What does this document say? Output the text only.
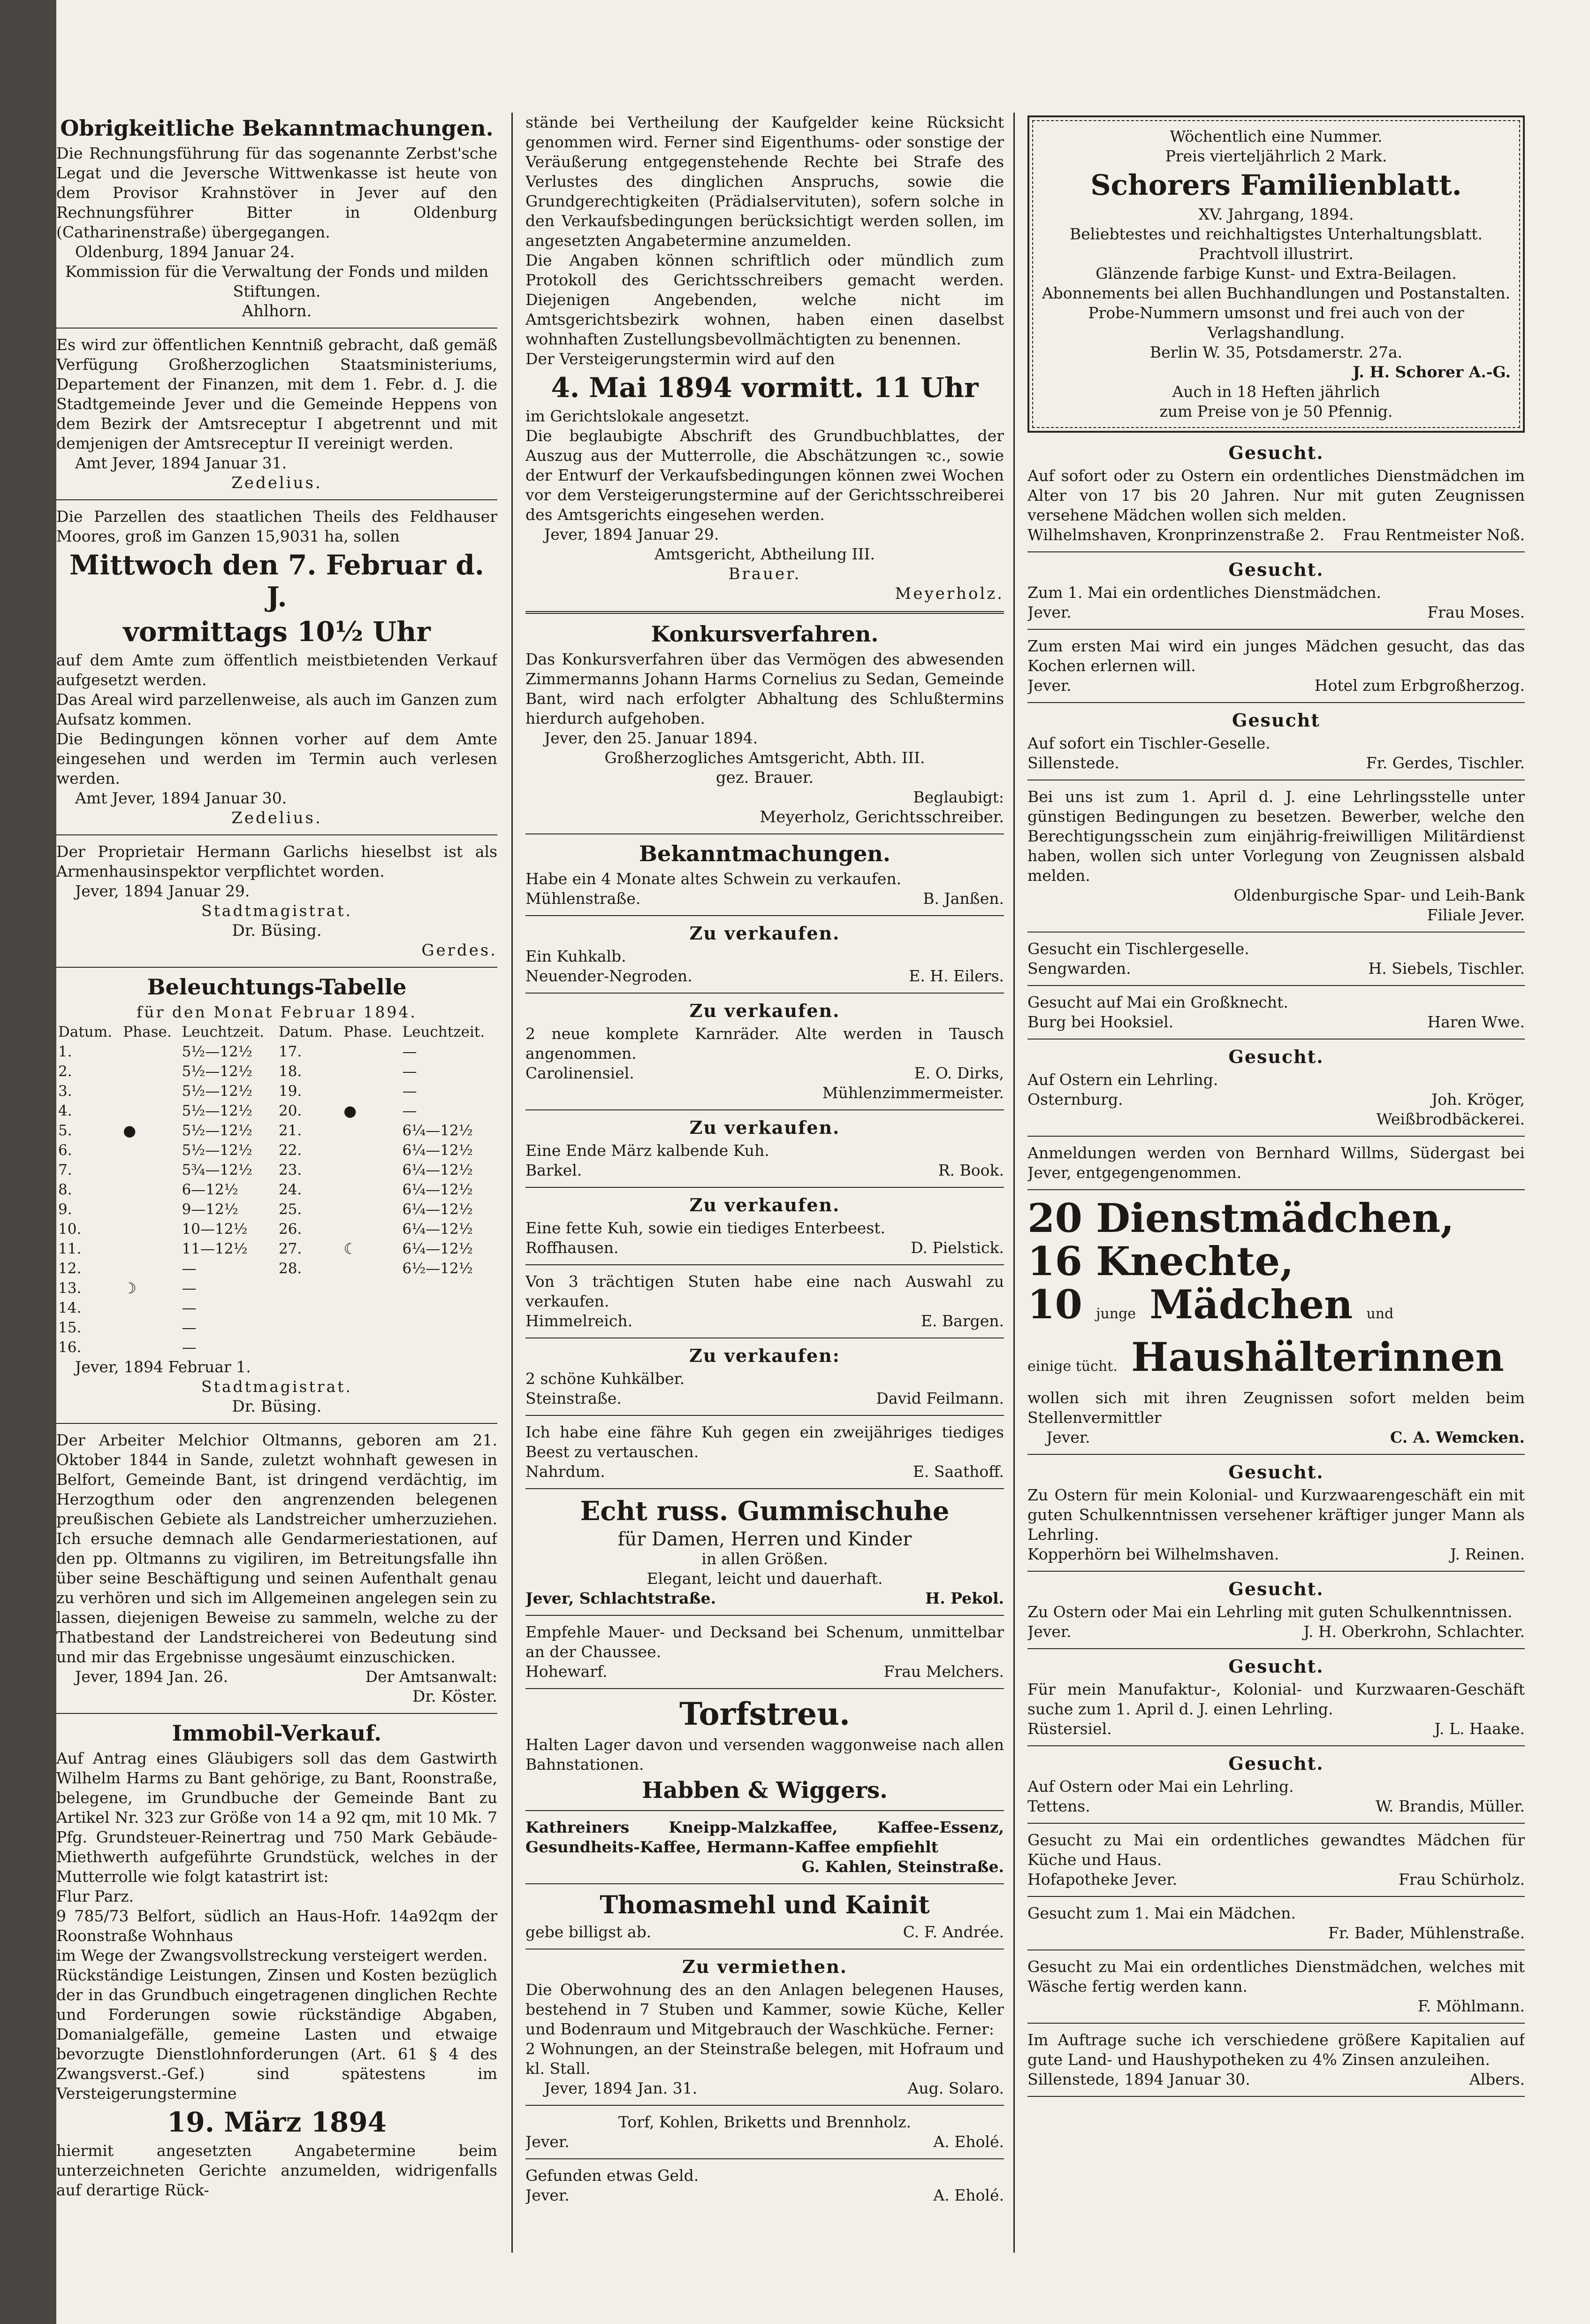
Obrigkeitliche Bekanntmachungen.

Die Rechnungsführung für das sogenannte Zerbst'sche Legat und die Jeversche Wittwenkasse ist heute von dem Provisor Krahnstöver in Jever auf den Rechnungsführer Bitter in Oldenburg (Catharinenstraße) übergegangen.

Oldenburg, 1894 Januar 24.

Kommission für die Verwaltung der Fonds und milden Stiftungen.

Ahlhorn.

Es wird zur öffentlichen Kenntniß gebracht, daß gemäß Verfügung Großherzoglichen Staatsministeriums, Departement der Finanzen, mit dem 1. Febr. d. J. die Stadtgemeinde Jever und die Gemeinde Heppens von dem Bezirk der Amtsreceptur I abgetrennt und mit demjenigen der Amtsreceptur II vereinigt werden.

Amt Jever, 1894 Januar 31.

Zedelius.

Die Parzellen des staatlichen Theils des Feldhauser Moores, groß im Ganzen 15,9031 ha, sollen

Mittwoch den 7. Februar d. J.
vormittags 10½ Uhr

auf dem Amte zum öffentlich meistbietenden Verkauf aufgesetzt werden.
Das Areal wird parzellenweise, als auch im Ganzen zum Aufsatz kommen.
Die Bedingungen können vorher auf dem Amte eingesehen und werden im Termin auch verlesen werden.

Amt Jever, 1894 Januar 30.

Zedelius.

Der Proprietair Hermann Garlichs hieselbst ist als Armenhausinspektor verpflichtet worden.

Jever, 1894 Januar 29.

Stadtmagistrat.

Dr. Büsing.

Gerdes.

Beleuchtungs-Tabelle

für den Monat Februar 1894.

Datum.	Phase.	Leuchtzeit.	Datum.	Phase.	Leuchtzeit.
1.		5½—12½	17.		—
2.		5½—12½	18.		—
3.		5½—12½	19.		—
4.		5½—12½	20.	●	—
5.	●	5½—12½	21.		6¼—12½
6.		5½—12½	22.		6¼—12½
7.		5¾—12½	23.		6¼—12½
8.		6—12½	24.		6¼—12½
9.		9—12½	25.		6¼—12½
10.		10—12½	26.		6¼—12½
11.		11—12½	27.	☾	6¼—12½
12.		—	28.		6½—12½
13.	☽	—			
14.		—			
15.		—			
16.		—			

Jever, 1894 Februar 1.

Stadtmagistrat.

Dr. Büsing.

Der Arbeiter Melchior Oltmanns, geboren am 21. Oktober 1844 in Sande, zuletzt wohnhaft gewesen in Belfort, Gemeinde Bant, ist dringend verdächtig, im Herzogthum oder den angrenzenden belegenen preußischen Gebiete als Landstreicher umherzuziehen. Ich ersuche demnach alle Gendarmeriestationen, auf den pp. Oltmanns zu vigiliren, im Betreitungsfalle ihn über seine Beschäftigung und seinen Aufenthalt genau zu verhören und sich im Allgemeinen angelegen sein zu lassen, diejenigen Beweise zu sammeln, welche zu der Thatbestand der Landstreicherei von Bedeutung sind und mir das Ergebnisse ungesäumt einzuschicken.

Jever, 1894 Jan. 26.	Der Amtsanwalt:

Dr. Köster.

Immobil-Verkauf.

Auf Antrag eines Gläubigers soll das dem Gastwirth Wilhelm Harms zu Bant gehörige, zu Bant, Roonstraße, belegene, im Grundbuche der Gemeinde Bant zu Artikel Nr. 323 zur Größe von 14 a 92 qm, mit 10 Mk. 7 Pfg. Grundsteuer-Reinertrag und 750 Mark Gebäude-Miethwerth aufgeführte Grundstück, welches in der Mutterrolle wie folgt katastrirt ist:

Flur Parz.

9 785/73 Belfort, südlich an Haus-Hofr. 14a92qm der Roonstraße Wohnhaus

im Wege der Zwangsvollstreckung versteigert werden.
Rückständige Leistungen, Zinsen und Kosten bezüglich der in das Grundbuch eingetragenen dinglichen Rechte und Forderungen sowie rückständige Abgaben, Domanialgefälle, gemeine Lasten und etwaige bevorzugte Dienstlohnforderungen (Art. 61 § 4 des Zwangsverst.-Gef.) sind spätestens im Versteigerungstermine

19. März 1894

hiermit angesetzten Angabetermine beim unterzeichneten Gerichte anzumelden, widrigenfalls auf derartige Rück-

stände bei Vertheilung der Kaufgelder keine Rücksicht genommen wird. Ferner sind Eigenthums- oder sonstige der Veräußerung entgegenstehende Rechte bei Strafe des Verlustes des dinglichen Anspruchs, sowie die Grundgerechtigkeiten (Prädialservituten), sofern solche in den Verkaufsbedingungen berücksichtigt werden sollen, im angesetzten Angabetermine anzumelden.
Die Angaben können schriftlich oder mündlich zum Protokoll des Gerichtsschreibers gemacht werden. Diejenigen Angebenden, welche nicht im Amtsgerichtsbezirk wohnen, haben einen daselbst wohnhaften Zustellungsbevollmächtigten zu benennen.
Der Versteigerungstermin wird auf den

4. Mai 1894 vormitt. 11 Uhr

im Gerichtslokale angesetzt.
Die beglaubigte Abschrift des Grundbuchblattes, der Auszug aus der Mutterrolle, die Abschätzungen ꝛc., sowie der Entwurf der Verkaufsbedingungen können zwei Wochen vor dem Versteigerungstermine auf der Gerichtsschreiberei des Amtsgerichts eingesehen werden.

Jever, 1894 Januar 29.

Amtsgericht, Abtheilung III.

Brauer.

Meyerholz.

Konkursverfahren.

Das Konkursverfahren über das Vermögen des abwesenden Zimmermanns Johann Harms Cornelius zu Sedan, Gemeinde Bant, wird nach erfolgter Abhaltung des Schlußtermins hierdurch aufgehoben.

Jever, den 25. Januar 1894.

Großherzogliches Amtsgericht, Abth. III.

gez. Brauer.

Beglaubigt:

Meyerholz, Gerichtsschreiber.

Bekanntmachungen.

Habe ein 4 Monate altes Schwein zu verkaufen.

Mühlenstraße.	B. Janßen.
Zu verkaufen.

Ein Kuhkalb.

Neuender-Negroden.	E. H. Eilers.
Zu verkaufen.

2 neue komplete Karnräder. Alte werden in Tausch angenommen.

Carolinensiel.	E. O. Dirks,

Mühlenzimmermeister.

Zu verkaufen.

Eine Ende März kalbende Kuh.

Barkel.	R. Book.
Zu verkaufen.

Eine fette Kuh, sowie ein tiediges Enterbeest.

Roffhausen.	D. Pielstick.

Von 3 trächtigen Stuten habe eine nach Auswahl zu verkaufen.

Himmelreich.	E. Bargen.
Zu verkaufen:

2 schöne Kuhkälber.

Steinstraße.	David Feilmann.

Ich habe eine fähre Kuh gegen ein zweijähriges tiediges Beest zu vertauschen.

Nahrdum.	E. Saathoff.
Echt russ. Gummischuhe

für Damen, Herren und Kinder

in allen Größen.

Elegant, leicht und dauerhaft.

Jever, Schlachtstraße.	H. Pekol.

Empfehle Mauer- und Decksand bei Schenum, unmittelbar an der Chaussee.

Hohewarf.	Frau Melchers.
Torfstreu.

Halten Lager davon und versenden waggonweise nach allen Bahnstationen.

Habben & Wiggers.

Kathreiners Kneipp-Malzkaffee, Kaffee-Essenz, Gesundheits-Kaffee, Hermann-Kaffee empfiehlt

G. Kahlen, Steinstraße.

Thomasmehl und Kainit
gebe billigst ab.	C. F. Andrée.
Zu vermiethen.

Die Oberwohnung des an den Anlagen belegenen Hauses, bestehend in 7 Stuben und Kammer, sowie Küche, Keller und Bodenraum und Mitgebrauch der Waschküche. Ferner:
2 Wohnungen, an der Steinstraße belegen, mit Hofraum und kl. Stall.

Jever, 1894 Jan. 31.	Aug. Solaro.

Torf, Kohlen, Briketts und Brennholz.

Jever.	A. Eholé.

Gefunden etwas Geld.

Jever.	A. Eholé.

Wöchentlich eine Nummer.

Preis vierteljährlich 2 Mark.

Schorers Familienblatt.

XV. Jahrgang, 1894.

Beliebtestes und reichhaltigstes Unterhaltungsblatt.

Prachtvoll illustrirt.

Glänzende farbige Kunst- und Extra-Beilagen.

Abonnements bei allen Buchhandlungen und Postanstalten.

Probe-Nummern umsonst und frei auch von der Verlagshandlung.

Berlin W. 35, Potsdamerstr. 27a.

J. H. Schorer A.-G.

Auch in 18 Heften jährlich

zum Preise von je 50 Pfennig.

Gesucht.

Auf sofort oder zu Ostern ein ordentliches Dienstmädchen im Alter von 17 bis 20 Jahren. Nur mit guten Zeugnissen versehene Mädchen wollen sich melden.

Wilhelmshaven, Kronprinzenstraße 2. Frau Rentmeister Noß.
Gesucht.

Zum 1. Mai ein ordentliches Dienstmädchen.

Jever.	Frau Moses.

Zum ersten Mai wird ein junges Mädchen gesucht, das das Kochen erlernen will.

Jever.	Hotel zum Erbgroßherzog.
Gesucht

Auf sofort ein Tischler-Geselle.

Sillenstede.	Fr. Gerdes, Tischler.

Bei uns ist zum 1. April d. J. eine Lehrlingsstelle unter günstigen Bedingungen zu besetzen. Bewerber, welche den Berechtigungsschein zum einjährig-freiwilligen Militärdienst haben, wollen sich unter Vorlegung von Zeugnissen alsbald melden.

Oldenburgische Spar- und Leih-Bank

Filiale Jever.

Gesucht ein Tischlergeselle.

Sengwarden.	H. Siebels, Tischler.

Gesucht auf Mai ein Großknecht.

Burg bei Hooksiel.	Haren Wwe.
Gesucht.

Auf Ostern ein Lehrling.

Osternburg.	Joh. Kröger,

Weißbrodbäckerei.

Anmeldungen werden von Bernhard Willms, Südergast bei Jever, entgegengenommen.

20 Dienstmädchen,

16 Knechte,

10 junge Mädchen und

einige tücht. Haushälterinnen

wollen sich mit ihren Zeugnissen sofort melden beim Stellenvermittler

Jever.	C. A. Wemcken.
Gesucht.

Zu Ostern für mein Kolonial- und Kurzwaarengeschäft ein mit guten Schulkenntnissen versehener kräftiger junger Mann als Lehrling.

Kopperhörn bei Wilhelmshaven.	J. Reinen.
Gesucht.

Zu Ostern oder Mai ein Lehrling mit guten Schulkenntnissen.

Jever.	J. H. Oberkrohn, Schlachter.
Gesucht.

Für mein Manufaktur-, Kolonial- und Kurzwaaren-Geschäft suche zum 1. April d. J. einen Lehrling.

Rüstersiel.	J. L. Haake.
Gesucht.

Auf Ostern oder Mai ein Lehrling.

Tettens.	W. Brandis, Müller.

Gesucht zu Mai ein ordentliches gewandtes Mädchen für Küche und Haus.

Hofapotheke Jever.	Frau Schürholz.

Gesucht zum 1. Mai ein Mädchen.

Fr. Bader, Mühlenstraße.

Gesucht zu Mai ein ordentliches Dienstmädchen, welches mit Wäsche fertig werden kann.

F. Möhlmann.

Im Auftrage suche ich verschiedene größere Kapitalien auf gute Land- und Haushypotheken zu 4% Zinsen anzuleihen.

Sillenstede, 1894 Januar 30.	Albers.
